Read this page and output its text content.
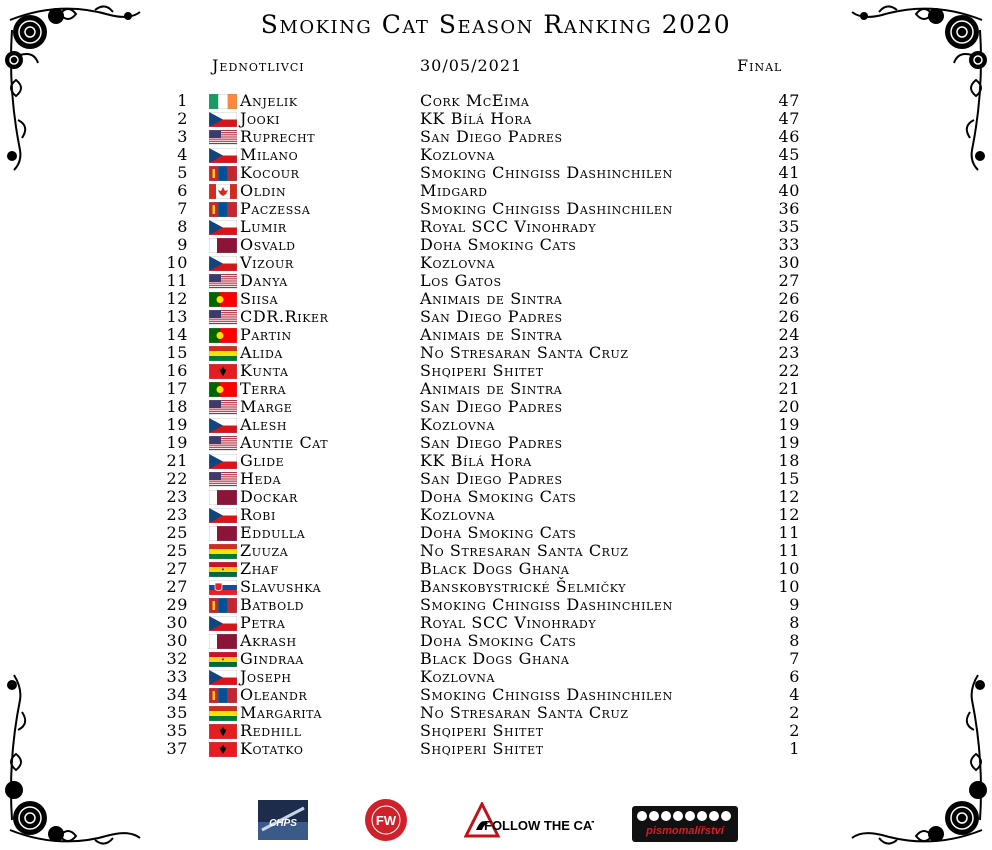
Smoking Cat Season Ranking 2020
Jednotlivci	30/05/2021	Final
1	Anjelik	Cork McEima	47
2	Jooki	KK Bílá Hora	47
3	Ruprecht	San Diego Padres	46
4	Milano	Kozlovna	45
5	Kocour	Smoking Chingiss Dashinchilen	41
6	Oldin	Midgard	40
7	Paczessa	Smoking Chingiss Dashinchilen	36
8	Lumir	Royal SCC Vinohrady	35
9	Osvald	Doha Smoking Cats	33
10	Vizour	Kozlovna	30
11	Danya	Los Gatos	27
12	Siisa	Animais de Sintra	26
13	CDR.Riker	San Diego Padres	26
14	Partin	Animais de Sintra	24
15	Alida	No Stresaran Santa Cruz	23
16	Kunta	Shqiperi Shitet	22
17	Terra	Animais de Sintra	21
18	Marge	San Diego Padres	20
19	Alesh	Kozlovna	19
19	Auntie Cat	San Diego Padres	19
21	Glide	KK Bílá Hora	18
22	Heda	San Diego Padres	15
23	Dockar	Doha Smoking Cats	12
23	Robi	Kozlovna	12
25	Eddulla	Doha Smoking Cats	11
25	Zuuza	No Stresaran Santa Cruz	11
27	Zhaf	Black Dogs Ghana	10
27	Slavushka	Banskobystrické Šelmičky	10
29	Batbold	Smoking Chingiss Dashinchilen	9
30	Petra	Royal SCC Vinohrady	8
30	Akrash	Doha Smoking Cats	8
32	Gindraa	Black Dogs Ghana	7
33	Joseph	Kozlovna	6
34	Oleandr	Smoking Chingiss Dashinchilen	4
35	Margarita	No Stresaran Santa Cruz	2
35	Redhill	Shqiperi Shitet	2
37	Kotatko	Shqiperi Shitet	1
CHPS	FW	FOLLOW THE CAT	pismomalířství
